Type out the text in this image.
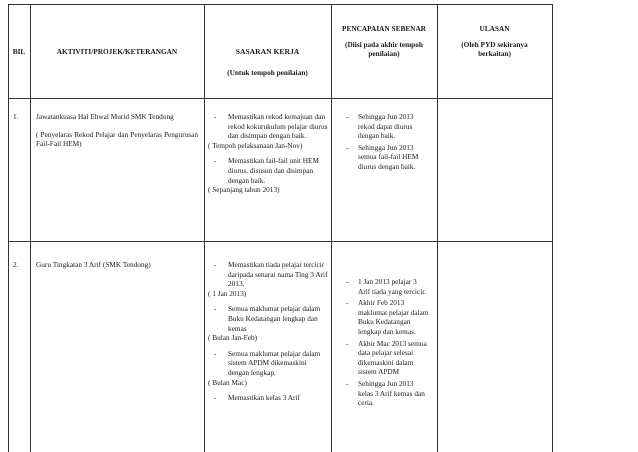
BIL	AKTIVITI/PROJEK/KETERANGAN	SASARAN KERJA
(Untuk tempoh penilaian)
PENCAPAIAN SEBENAR
(Diisi pada akhir tempoh penilaian)
ULASAN
(Oleh PYD sekiranya berkaitan)
1. Jawatankuasa Hal Ehwal Murid SMK Tendong
( Penyelaras Rekod Pelajar dan Penyelaras Pengurusan Fail-Fail HEM)
- Memastikan rekod kemajuan dan rekod kokurukulum pelajar diurus dan disimpan dengan baik.
( Tempoh pelaksanaan Jan-Nov)
- Memastikan fail-fail unit HEM diurus, disusun dan disimpan dengan baik.
( Sepanjang tahun 2013)
- Sehingga Jun 2013 rekod dapat diurus dengan baik.
- Sehingga Jun 2013 semua fail-fail HEM diurus dengan baik.
2. Guru Tingkatan 3 Arif (SMK Tendong)
-	Memastikan tiada pelajar tercicir daripada senarai nama Ting 3 Arif 2013.
( 1 Jan 2013)
- Semua maklumat pelajar dalam Buku Kedatangan lengkap dan kemas
( Bulan Jan-Feb)
- Semua maklumat pelajar dalam sistem APDM dikemaskini dengan lengkap.
( Bulan Mac)
- Memastikan kelas 3 Arif
- 1 Jan 2013 pelajar 3 Arif tiada yang tercicir.
- Akhir Feb 2013 maklumat pelajar dalam Buku Kedatangan lengkap dan kemas.
- Akhir Mac 2013 semua data pelajar selesai dikemaskini dalam sistem APDM
- Sehingga Jun 2013 kelas 3 Arif kemas dan ceria.
